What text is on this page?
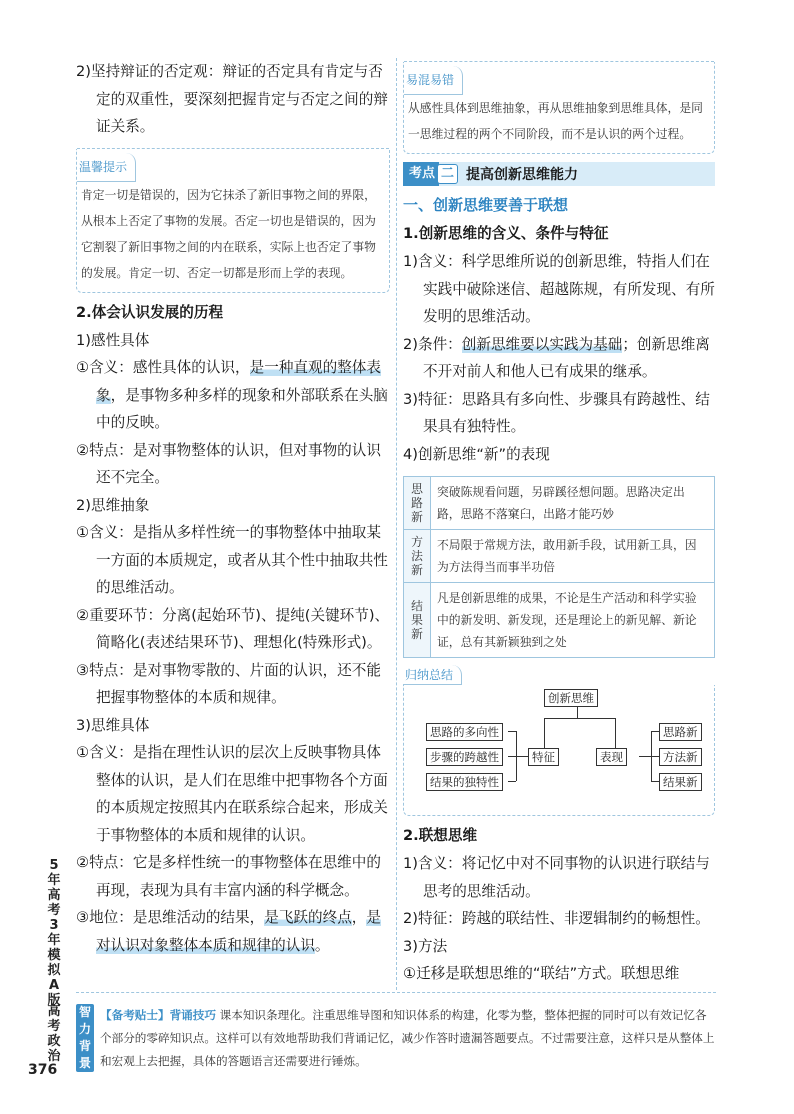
2)坚持辩证的否定观：辩证的否定具有肯定与否定的双重性，要深刻把握肯定与否定之间的辩证关系。
温馨提示
肯定一切是错误的，因为它抹杀了新旧事物之间的界限，从根本上否定了事物的发展。否定一切也是错误的，因为它割裂了新旧事物之间的内在联系，实际上也否定了事物的发展。肯定一切、否定一切都是形而上学的表现。
2.体会认识发展的历程
1)感性具体
①含义：感性具体的认识，是一种直观的整体表象，是事物多种多样的现象和外部联系在头脑中的反映。
②特点：是对事物整体的认识，但对事物的认识还不完全。
2)思维抽象
①含义：是指从多样性统一的事物整体中抽取某一方面的本质规定，或者从其个性中抽取共性的思维活动。
②重要环节：分离(起始环节)、提纯(关键环节)、简略化(表述结果环节)、理想化(特殊形式)。
③特点：是对事物零散的、片面的认识，还不能把握事物整体的本质和规律。
3)思维具体
①含义：是指在理性认识的层次上反映事物具体整体的认识，是人们在思维中把事物各个方面的本质规定按照其内在联系综合起来，形成关于事物整体的本质和规律的认识。
②特点：它是多样性统一的事物整体在思维中的再现，表现为具有丰富内涵的科学概念。
③地位：是思维活动的结果，是飞跃的终点，是对认识对象整体本质和规律的认识。
易混易错
从感性具体到思维抽象，再从思维抽象到思维具体，是同一思维过程的两个不同阶段，而不是认识的两个过程。
考点 二 提高创新思维能力
一、创新思维要善于联想
1.创新思维的含义、条件与特征
1)含义：科学思维所说的创新思维，特指人们在实践中破除迷信、超越陈规，有所发现、有所发明的思维活动。
2)条件：创新思维要以实践为基础；创新思维离不开对前人和他人已有成果的继承。
3)特征：思路具有多向性、步骤具有跨越性、结果具有独特性。
4)创新思维“新”的表现
思路新	突破陈规看问题，另辟蹊径想问题。思路决定出路，思路不落窠臼，出路才能巧妙
方法新	不局限于常规方法，敢用新手段，试用新工具，因为方法得当而事半功倍
结果新	凡是创新思维的成果，不论是生产活动和科学实验中的新发明、新发现，还是理论上的新见解、新论证，总有其新颖独到之处
归纳总结
创新思维
特征	表现
思路的多向性
步骤的跨越性
结果的独特性
思路新
方法新
结果新
2.联想思维
1)含义：将记忆中对不同事物的认识进行联结与思考的思维活动。
2)特征：跨越的联结性、非逻辑制约的畅想性。
3)方法
①迁移是联想思维的“联结”方式。联想思维
智力背景
【备考贴士】背诵技巧 课本知识条理化。注重思维导图和知识体系的构建，化零为整，整体把握的同时可以有效记忆各个部分的零碎知识点。这样可以有效地帮助我们背诵记忆，减少作答时遗漏答题要点。不过需要注意，这样只是从整体上和宏观上去把握，具体的答题语言还需要进行锤炼。
5年高考3年模拟 A版
高考政治
376
